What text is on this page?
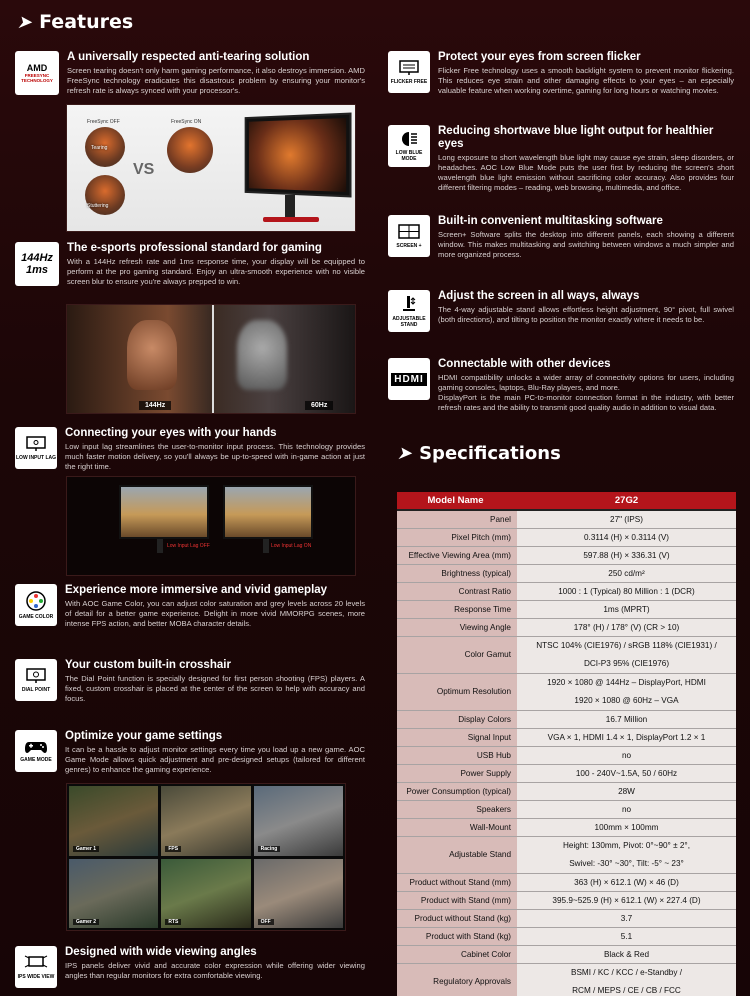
➤ Features
AMD
FREESYNC TECHNOLOGY
A universally respected anti-tearing solution
Screen tearing doesn't only harm gaming performance, it also destroys immersion. AMD FreeSync technology eradicates this disastrous problem by ensuring your monitor's refresh rate is always synced with your processor's.
FreeSync OFF	FreeSync ON
Tearing
Stuttering
VS
144Hz
1ms
The e-sports professional standard for gaming
With a 144Hz refresh rate and 1ms response time, your display will be equipped to perform at the pro gaming standard. Enjoy an ultra-smooth experience with no visible screen blur to ensure you're always prepped to win.
144Hz	60Hz
LOW INPUT LAG
Connecting your eyes with your hands
Low input lag streamlines the user-to-monitor input process. This technology provides much faster motion delivery, so you'll always be up-to-speed with in-game action at just the right time.
Low Input Lag OFF	Low Input Lag ON
GAME COLOR
Experience more immersive and vivid gameplay
With AOC Game Color, you can adjust color saturation and grey levels across 20 levels of detail for a better game experience. Delight in more vivid MMORPG scenes, more intense FPS action, and better MOBA character details.
DIAL POINT
Your custom built-in crosshair
The Dial Point function is specially designed for first person shooting (FPS) players. A fixed, custom crosshair is placed at the center of the screen to help with accuracy and focus.
GAME MODE
Optimize your game settings
It can be a hassle to adjust monitor settings every time you load up a new game. AOC Game Mode allows quick adjustment and pre-designed setups (tailored for different genres) to enhance the gaming experience.
Gamer 1	FPS	Racing
Gamer 2	RTS	OFF
IPS WIDE VIEW
Designed with wide viewing angles
IPS panels deliver vivid and accurate color expression while offering wider viewing angles than regular monitors for extra comfortable viewing.
FLICKER FREE
Protect your eyes from screen flicker
Flicker Free technology uses a smooth backlight system to prevent monitor flickering. This reduces eye strain and other damaging effects to your eyes – an especially valuable feature when working overtime, gaming for long hours or watching movies.
LOW BLUE MODE
Reducing shortwave blue light output for healthier eyes
Long exposure to short wavelength blue light may cause eye strain, sleep disorders, or headaches. AOC Low Blue Mode puts the user first by reducing the screen's short wavelength blue light emission without sacrificing color accuracy. Also provides four different filtering modes – reading, web browsing, multimedia, and office.
SCREEN +
Built-in convenient multitasking software
Screen+ Software splits the desktop into different panels, each showing a different window. This makes multitasking and switching between windows a much simpler and more organized process.
ADJUSTABLE STAND
Adjust the screen in all ways, always
The 4-way adjustable stand allows effortless height adjustment, 90° pivot, full swivel (both directions), and tilting to position the monitor exactly where it needs to be.
HDMI
Connectable with other devices
HDMI compatibility unlocks a wider array of connectivity options for users, including gaming consoles, laptops, Blu-Ray players, and more.
DisplayPort is the main PC-to-monitor connection format in the industry, with better refresh rates and the ability to transmit good quality audio in addition to visual data.
➤ Specifications
Model Name	27G2
Panel	27" (IPS)

Pixel Pitch (mm)	0.3114 (H) × 0.3114 (V)

Effective Viewing Area (mm)	597.88 (H) × 336.31 (V)

Brightness (typical)	250 cd/m²

Contrast Ratio	1000 : 1 (Typical) 80 Million : 1 (DCR)

Response Time	1ms (MPRT)

Viewing Angle	178° (H) / 178° (V) (CR > 10)

Color Gamut	NTSC 104% (CIE1976) / sRGB 118% (CIE1931) /
DCI-P3 95% (CIE1976)

Optimum Resolution	1920 × 1080 @ 144Hz – DisplayPort, HDMI
1920 × 1080 @ 60Hz – VGA

Display Colors	16.7 Million

Signal Input	VGA × 1, HDMI 1.4 × 1, DisplayPort 1.2 × 1

USB Hub	no

Power Supply	100 - 240V~1.5A, 50 / 60Hz

Power Consumption (typical)	28W

Speakers	no

Wall-Mount	100mm × 100mm

Adjustable Stand	Height: 130mm, Pivot: 0°~90° ± 2°,
Swivel: -30° ~30°, Tilt: -5° ~ 23°

Product without Stand (mm)	363 (H) × 612.1 (W) × 46 (D)

Product with Stand (mm)	395.9~525.9 (H) × 612.1 (W) × 227.4 (D)

Product without Stand (kg)	3.7

Product with Stand (kg)	5.1

Cabinet Color	Black & Red

Regulatory Approvals	BSMI / KC / KCC / e-Standby /
RCM / MEPS / CE / CB / FCC
